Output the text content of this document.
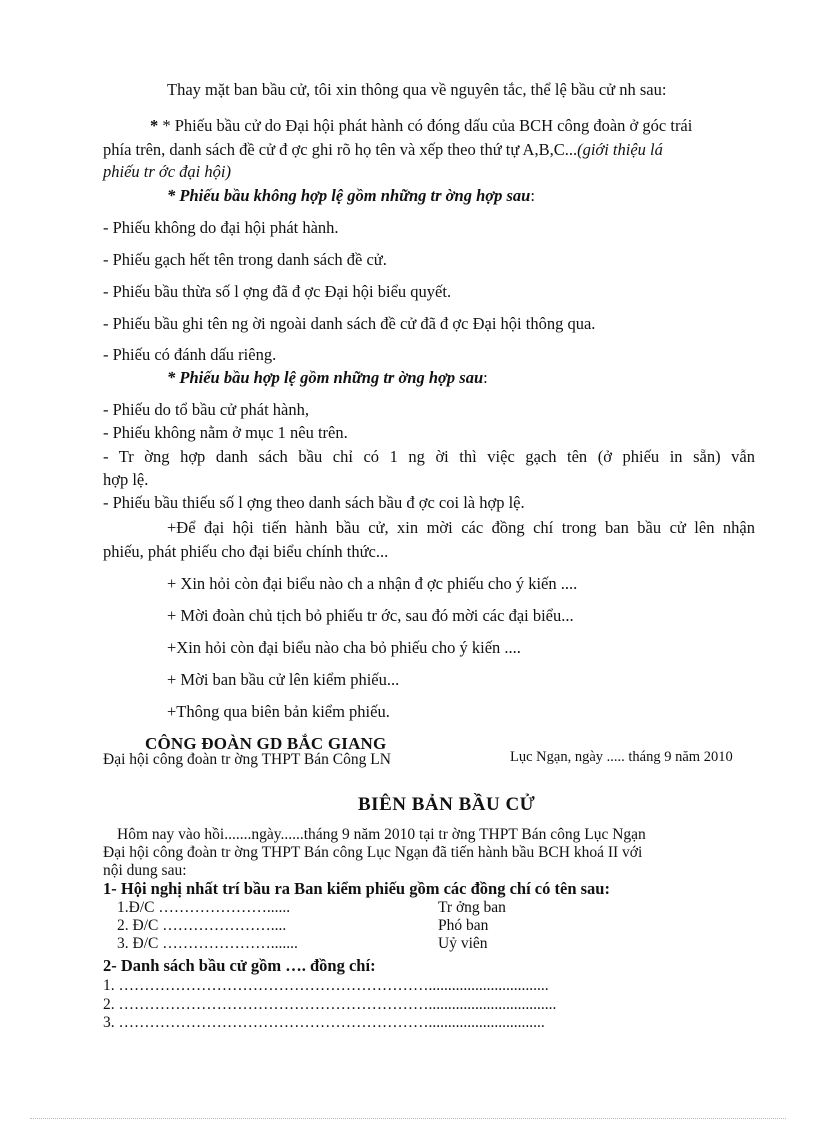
Thay mặt ban bầu cử, tôi xin thông qua về nguyên tắc, thể lệ bầu cử nh sau:
* * Phiếu bầu cử do Đại hội phát hành có đóng dấu của BCH công đoàn ở góc trái
phía trên, danh sách đề cử đ ợc ghi rõ họ tên và xếp theo thứ tự A,B,C...(giới thiệu lá
phiếu tr ớc đại hội)
* Phiếu bầu không hợp lệ gồm những tr ờng hợp sau:
- Phiếu không do đại hội phát hành.
- Phiếu gạch hết tên trong danh sách đề cử.
- Phiếu bầu thừa số l ợng đã đ ợc Đại hội biểu quyết.
- Phiếu bầu ghi tên ng ời ngoài danh sách đề cử đã đ ợc Đại hội thông qua.
- Phiếu có đánh dấu riêng.
* Phiếu bầu hợp lệ gồm những tr ờng hợp sau:
- Phiếu do tổ bầu cử phát hành,
- Phiếu không nằm ở mục 1 nêu trên.
- Tr ờng hợp danh sách bầu chỉ có 1 ng ời thì việc gạch tên (ở phiếu in sẵn) vẫn
hợp lệ.
- Phiếu bầu thiếu số l ợng theo danh sách bầu đ ợc coi là hợp lệ.
+Để đại hội tiến hành bầu cử, xin mời các đồng chí trong ban bầu cử lên nhận
phiếu, phát phiếu cho đại biểu chính thức...
+ Xin hỏi còn đại biểu nào ch a nhận đ ợc phiếu cho ý kiến ....
+ Mời đoàn chủ tịch bỏ phiếu tr ớc, sau đó mời các đại biểu...
+Xin hỏi còn đại biểu nào cha bỏ phiếu cho ý kiến ....
+ Mời ban bầu cử lên kiểm phiếu...
+Thông qua biên bản kiểm phiếu.
CÔNG ĐOÀN GD BẮC GIANG
Đại hội công đoàn tr ờng THPT Bán Công LN	Lục Ngạn, ngày ..... tháng 9 năm 2010
BIÊN BẢN BẦU CỬ
Hôm nay vào hồi.......ngày......tháng 9 năm 2010 tại tr ờng THPT Bán công Lục Ngạn
Đại hội công đoàn tr ờng THPT Bán công Lục Ngạn đã tiến hành bầu BCH khoá II với
nội dung sau:
1- Hội nghị nhất trí bầu ra Ban kiểm phiếu gồm các đồng chí có tên sau:
1.Đ/C …………………......	Tr ởng ban
2. Đ/C …………………....	Phó ban
3. Đ/C ………………….......	Uỷ viên
2- Danh sách bầu cử gồm …. đồng chí:
1. ……………………………………………………...............................
2. …………………………………………………….................................
3. ……………………………………………………..............................
